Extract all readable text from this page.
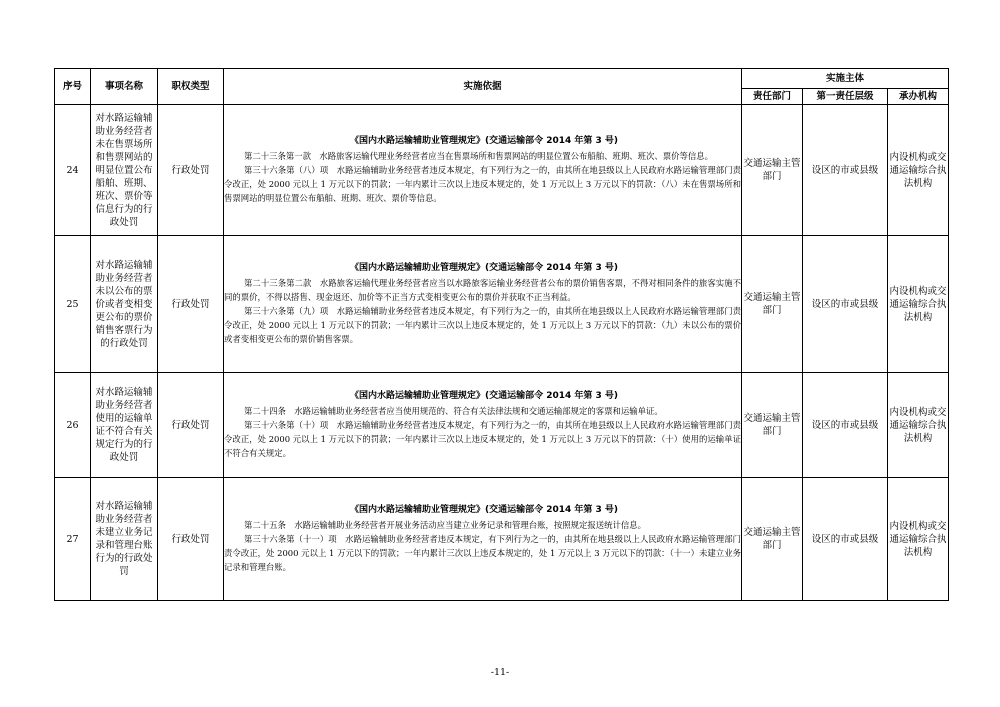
序号	事项名称	职权类型	实施依据	实施主体		
				责任部门	第一责任层级	承办机构
24	对水路运输辅助业务经营者未在售票场所和售票网站的明显位置公布船舶、班期、班次、票价等信息行为的行政处罚	行政处罚	《国内水路运输辅助业管理规定》(交通运输部令 2014 年第 3 号)
第二十三条第一款　水路旅客运输代理业务经营者应当在售票场所和售票网站的明显位置公布船舶、班期、班次、票价等信息。
第三十六条第（八）项　水路运输辅助业务经营者违反本规定，有下列行为之一的，由其所在地县级以上人民政府水路运输管理部门责令改正，处 2000 元以上 1 万元以下的罚款；一年内累计三次以上违反本规定的，处 1 万元以上 3 万元以下的罚款：（八）未在售票场所和售票网站的明显位置公布船舶、班期、班次、票价等信息。	交通运输主管部门	设区的市或县级	内设机构或交通运输综合执法机构
25	对水路运输辅助业务经营者未以公布的票价或者变相变更公布的票价销售客票行为的行政处罚	行政处罚	《国内水路运输辅助业管理规定》(交通运输部令 2014 年第 3 号)
第二十三条第二款　水路旅客运输代理业务经营者应当以水路旅客运输业务经营者公布的票价销售客票，不得对相同条件的旅客实施不同的票价，不得以搭售、现金返还、加价等不正当方式变相变更公布的票价并获取不正当利益。
第三十六条第（九）项　水路运输辅助业务经营者违反本规定，有下列行为之一的，由其所在地县级以上人民政府水路运输管理部门责令改正，处 2000 元以上 1 万元以下的罚款；一年内累计三次以上违反本规定的，处 1 万元以上 3 万元以下的罚款：（九）未以公布的票价或者变相变更公布的票价销售客票。	交通运输主管部门	设区的市或县级	内设机构或交通运输综合执法机构
26	对水路运输辅助业务经营者使用的运输单证不符合有关规定行为的行政处罚	行政处罚	《国内水路运输辅助业管理规定》(交通运输部令 2014 年第 3 号)
第二十四条　水路运输辅助业务经营者应当使用规范的、符合有关法律法规和交通运输部规定的客票和运输单证。
第三十六条第（十）项　水路运输辅助业务经营者违反本规定，有下列行为之一的，由其所在地县级以上人民政府水路运输管理部门责令改正，处 2000 元以上 1 万元以下的罚款；一年内累计三次以上违反本规定的，处 1 万元以上 3 万元以下的罚款：（十）使用的运输单证不符合有关规定。	交通运输主管部门	设区的市或县级	内设机构或交通运输综合执法机构
27	对水路运输辅助业务经营者未建立业务记录和管理台账行为的行政处罚	行政处罚	《国内水路运输辅助业管理规定》(交通运输部令 2014 年第 3 号)
第二十五条　水路运输辅助业务经营者开展业务活动应当建立业务记录和管理台账，按照规定报送统计信息。
第三十六条第（十一）项　水路运输辅助业务经营者违反本规定，有下列行为之一的，由其所在地县级以上人民政府水路运输管理部门责令改正，处 2000 元以上 1 万元以下的罚款；一年内累计三次以上违反本规定的，处 1 万元以上 3 万元以下的罚款：（十一）未建立业务记录和管理台账。	交通运输主管部门	设区的市或县级	内设机构或交通运输综合执法机构
-11-
